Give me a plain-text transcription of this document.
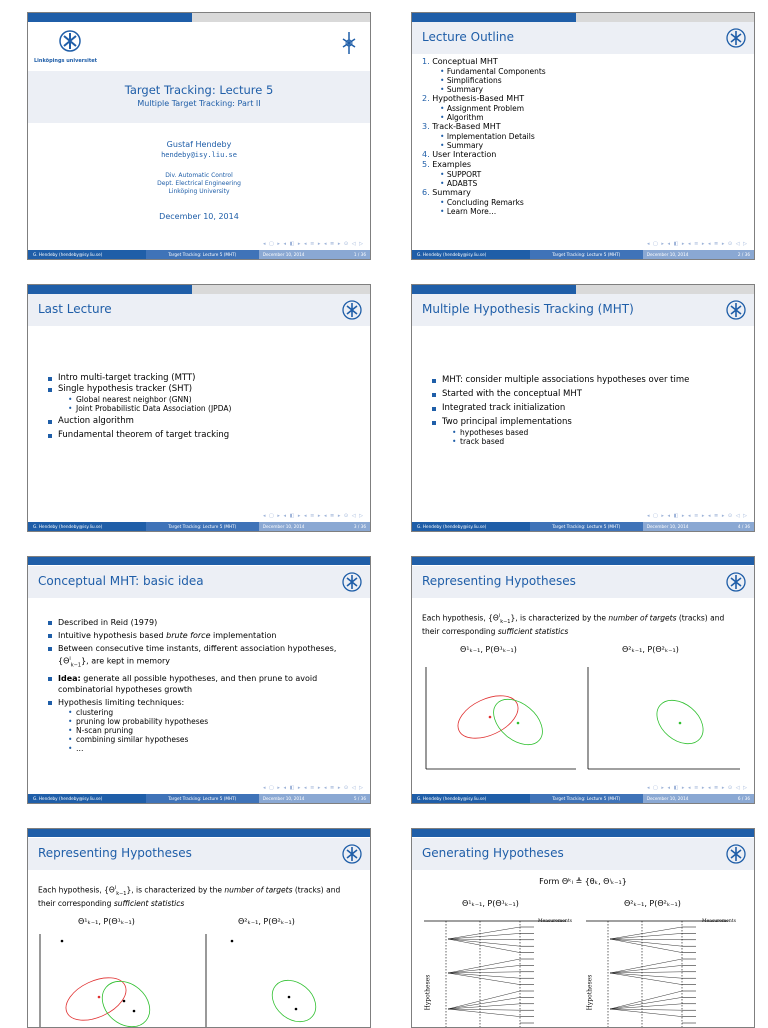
Linköpings universitet
Target Tracking: Lecture 5
Multiple Target Tracking: Part II
Gustaf Hendeby
hendeby@isy.liu.se
Div. Automatic Control
Dept. Electrical Engineering
Linköping University
December 10, 2014
◂ ▢ ▸ ◂ ◧ ▸ ◂ ≡ ▸ ◂ ≣ ▸ ⊙ ◁ ▷
G. Hendeby (hendeby@isy.liu.se)	Target Tracking: Lecture 5 (MHT)	December 10, 2014	1 / 36
Lecture Outline
1. Conceptual MHT
• Fundamental Components
• Simplifications
• Summary
2. Hypothesis-Based MHT
• Assignment Problem
• Algorithm
3. Track-Based MHT
• Implementation Details
• Summary
4. User Interaction
5. Examples
• SUPPORT
• ADABTS
6. Summary
• Concluding Remarks
• Learn More…
◂ ▢ ▸ ◂ ◧ ▸ ◂ ≡ ▸ ◂ ≣ ▸ ⊙ ◁ ▷
G. Hendeby (hendeby@isy.liu.se)	Target Tracking: Lecture 5 (MHT)	December 10, 2014	2 / 36
Last Lecture
Intro multi-target tracking (MTT)
Single hypothesis tracker (SHT)
• Global nearest neighbor (GNN)
• Joint Probabilistic Data Association (JPDA)
Auction algorithm
Fundamental theorem of target tracking
◂ ▢ ▸ ◂ ◧ ▸ ◂ ≡ ▸ ◂ ≣ ▸ ⊙ ◁ ▷
G. Hendeby (hendeby@isy.liu.se)	Target Tracking: Lecture 5 (MHT)	December 10, 2014	3 / 36
Multiple Hypothesis Tracking (MHT)
MHT: consider multiple associations hypotheses over time
Started with the conceptual MHT
Integrated track initialization
Two principal implementations
• hypotheses based
• track based
◂ ▢ ▸ ◂ ◧ ▸ ◂ ≡ ▸ ◂ ≣ ▸ ⊙ ◁ ▷
G. Hendeby (hendeby@isy.liu.se)	Target Tracking: Lecture 5 (MHT)	December 10, 2014	4 / 36
Conceptual MHT: basic idea
Described in Reid (1979)
Intuitive hypothesis based brute force implementation
Between consecutive time instants, different association hypotheses,
$\{\Theta^i_{k-1}\}$, are kept in memory
Idea: generate all possible hypotheses, and then prune to avoid combinatorial hypotheses growth
Hypothesis limiting techniques:
• clustering
• pruning low probability hypotheses
• N-scan pruning
• combining similar hypotheses
• …
◂ ▢ ▸ ◂ ◧ ▸ ◂ ≡ ▸ ◂ ≣ ▸ ⊙ ◁ ▷
G. Hendeby (hendeby@isy.liu.se)	Target Tracking: Lecture 5 (MHT)	December 10, 2014	5 / 36
Representing Hypotheses
Each hypothesis, $\{\Theta^i_{k-1}\}$, is characterized by the number of targets (tracks) and their corresponding sufficient statistics
Θ¹ₖ₋₁, P(Θ¹ₖ₋₁)	Θ²ₖ₋₁, P(Θ²ₖ₋₁)
◂ ▢ ▸ ◂ ◧ ▸ ◂ ≡ ▸ ◂ ≣ ▸ ⊙ ◁ ▷
G. Hendeby (hendeby@isy.liu.se)	Target Tracking: Lecture 5 (MHT)	December 10, 2014	6 / 36
Representing Hypotheses
Each hypothesis, $\{\Theta^i_{k-1}\}$, is characterized by the number of targets (tracks) and their corresponding sufficient statistics
Θ¹ₖ₋₁, P(Θ¹ₖ₋₁)	Θ²ₖ₋₁, P(Θ²ₖ₋₁)
Generating Hypotheses
Form Θᵏₗ ≜ {θₖ, Θⁱₖ₋₁}
Θ¹ₖ₋₁, P(Θ¹ₖ₋₁)	Θ²ₖ₋₁, P(Θ²ₖ₋₁)
Hypotheses	Hypotheses
Measurements	Measurements
